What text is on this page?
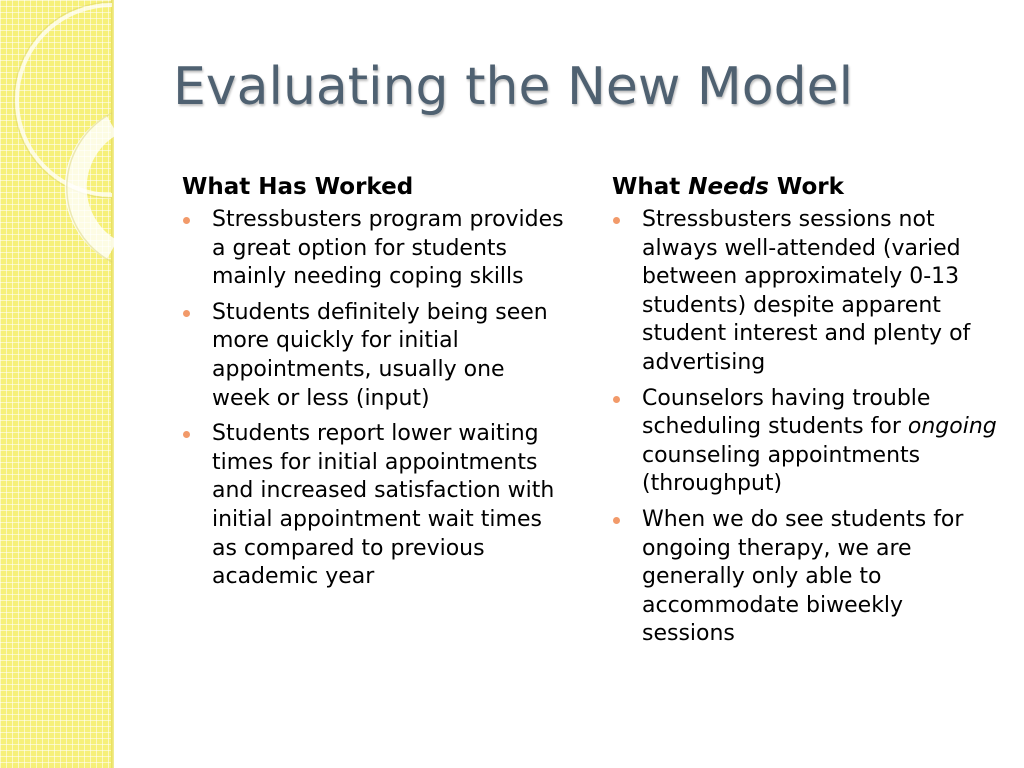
Evaluating the New Model
What Has Worked
Stressbusters program provides a great option for students mainly needing coping skills
Students definitely being seen more quickly for initial appointments, usually one week or less (input)
Students report lower waiting times for initial appointments and increased satisfaction with initial appointment wait times as compared to previous academic year
What Needs Work
Stressbusters sessions not always well-attended (varied between approximately 0-13 students) despite apparent student interest and plenty of advertising
Counselors having trouble scheduling students for ongoing counseling appointments (throughput)
When we do see students for ongoing therapy, we are generally only able to accommodate biweekly sessions
